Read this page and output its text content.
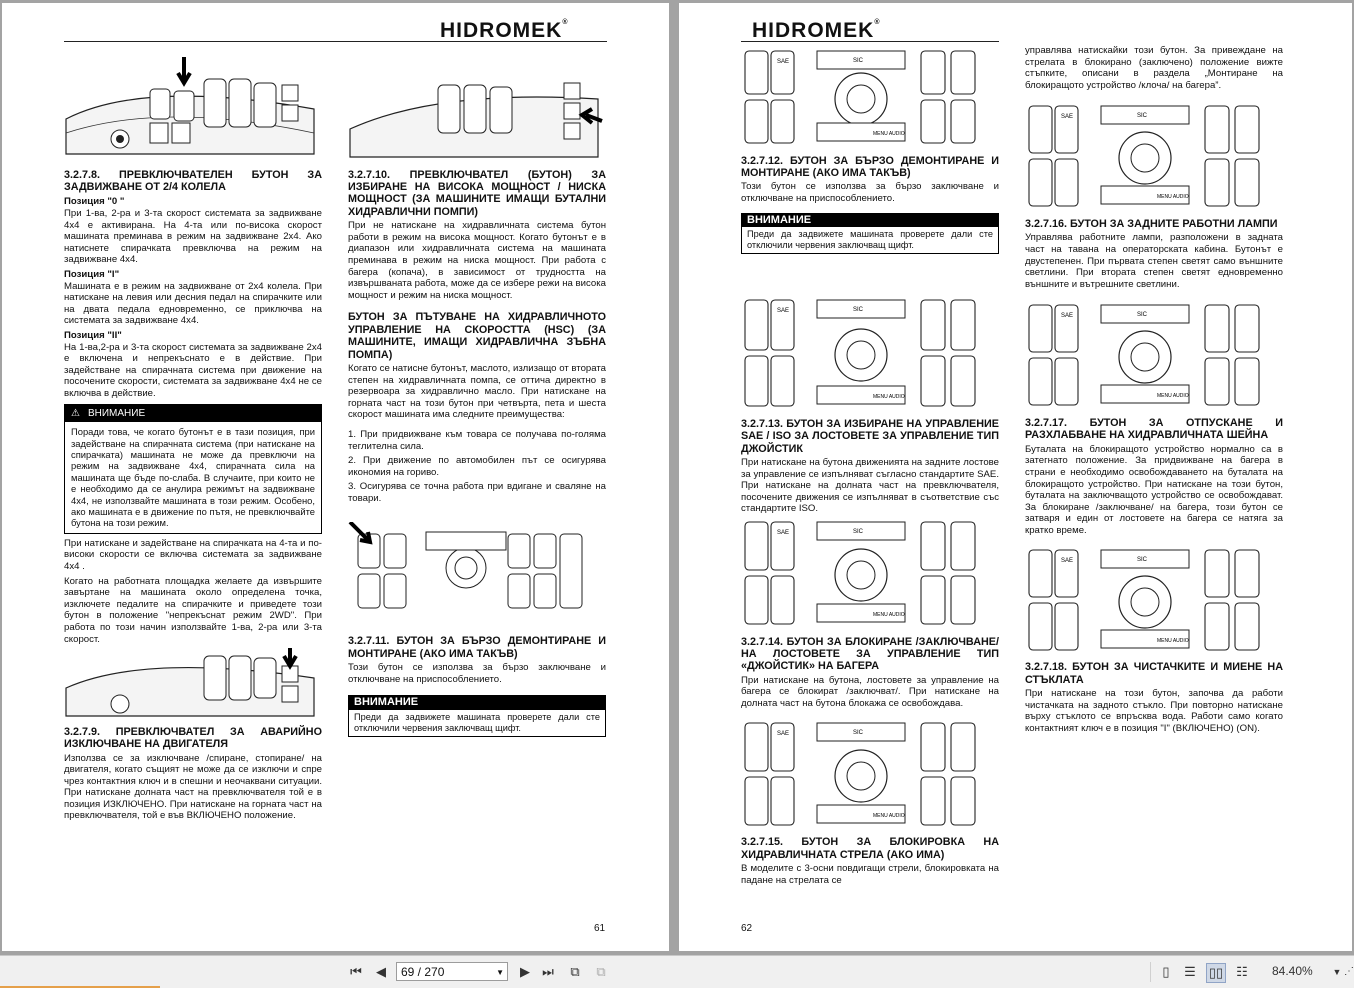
HIDROMEK®
3.2.7.8. ПРЕВКЛЮЧВАТЕЛЕН БУТОН ЗА ЗАДВИЖВАНЕ ОТ 2/4 КОЛЕЛА
Позиция "0 "

При 1-ва, 2-ра и 3-та скорост системата за задвижване 4x4 е активирана. На 4-та или по-високa скорост машината преминава в режим на задвижване 2x4. Ако натиснете спирачката превключва на режим на задвижване 4x4.

Позиция "I"

Машината е в режим на задвижване от 2x4 колела. При натискане на левия или десния педал на спирачките или на двата педала едновременно, се приключва на системата за задвижване 4x4.

Позиция "II"

На 1-ва,2-ра и 3-та скорост системата за задвижване 2x4 е включена и непрекъснато е в действие. При задействане на спирачната система при движение на посочените скорости, системата за задвижване 4x4 не се включва в действие.

⚠ ВНИМАНИЕ
Поради това, че когато бутонът е в тази позиция, при задействане на спирачната система (при натискане на спирачката) машината не може да превключи на режим на задвижване 4x4, спирачната сила на машината ще бъде по-слаба. В случаите, при които не е необходимо да се анулира режимът на задвижване 4x4, не използвайте машината в този режим. Особено, ако машината е в движение по пътя, не превключвайте бутона на този режим.

При натискане и задействане на спирачката на 4-та и по-високи скорости се включва системата за задвижване 4x4 .

Когато на работната площадка желаете да извършите завъртане на машината около определена точка, изключете педалите на спирачките и приведете този бутон в положение "непрекъснат режим 2WD". При работа по този начин използвайте 1-ва, 2-ра или 3-та скорост.

3.2.7.9. ПРЕВКЛЮЧВАТЕЛ ЗА АВАРИЙНО ИЗКЛЮЧВАНЕ НА ДВИГАТЕЛЯ

Използва се за изключване /спиране, стопиране/ на двигателя, когато същият не може да се изключи и спре чрез контактния ключ и в спешни и неочаквани ситуации. При натискане долната част на превключвателя той е в позиция ИЗКЛЮЧЕНО. При натискане на горната част на превключвателя, той е във ВКЛЮЧЕНО положение.

3.2.7.10. ПРЕВКЛЮЧВАТЕЛ (БУТОН) ЗА ИЗБИРАНЕ НА ВИСОКА МОЩНОСТ / НИСКА МОЩНОСТ (ЗА МАШИНИТЕ ИМАЩИ БУТАЛНИ ХИДРАВЛИЧНИ ПОМПИ)

При не натискане на хидравличната система бутон работи в режим на висока мощност. Когато бутонът е в диапазон или хидравличната система на машината преминава в режим на ниска мощност. При работа с багера (копача), в зависимост от трудността на извършваната работа, може да се избере режи на висока мощност и режим на ниска мощност.

БУТОН ЗА ПЪТУВАНЕ НА ХИДРАВЛИЧНОТО УПРАВЛЕНИЕ НА СКОРОСТТА (HSC) (ЗА МАШИНИТЕ, ИМАЩИ ХИДРАВЛИЧНА ЗЪБНА ПОМПА)

Когато се натисне бутонът, маслото, излизащо от втората степен на хидравличната помпа, се оттича директно в резервоара за хидравлично масло. При натискане на горната част на този бутон при четвърта, пета и шеста скорост машината има следните преимущества:

1. При придвижване към товара се получава по-голяма теглителна сила.

2. При движение по автомобилен път се осигурява икономия на гориво.

3. Осигурява се точна работа при вдигане и сваляне на товари.

3.2.7.11. БУТОН ЗА БЪРЗО ДЕМОНТИРАНЕ И МОНТИРАНЕ (АКО ИМА ТАКЪВ)

Този бутон се използва за бързо заключване и отключване на приспособлението.

ВНИМАНИЕ
Преди да задвижете машината проверете дали сте отключили червения заключващ щифт.
61
HIDROMEK®
SAE	SIC
MENU AUDIO
3.2.7.12. БУТОН ЗА БЪРЗО ДЕМОНТИРАНЕ И МОНТИРАНЕ (АКО ИМА ТАКЪВ)

Този бутон се използва за бързо заключване и отключване на приспособлението.

ВНИМАНИЕ
Преди да задвижете машината проверете дали сте отключили червения заключващ щифт.
SAE	SIC
MENU AUDIO
3.2.7.13. БУТОН ЗА ИЗБИРАНЕ НА УПРАВЛЕНИЕ SAE / ISO ЗА ЛОСТОВЕТЕ ЗА УПРАВЛЕНИЕ ТИП ДЖОЙСТИК

При натискане на бутона движенията на задните лостове за управление се изпълняват съгласно стандартите SAE. При натискане на долната част на превключвателя, посочените движения се изпълняват в съответствие със стандартите ISO.

SAE	SIC
MENU AUDIO
3.2.7.14. БУТОН ЗА БЛОКИРАНЕ /ЗАКЛЮЧВАНЕ/ НА ЛОСТОВЕТЕ ЗА УПРАВЛЕНИЕ ТИП «ДЖОЙСТИК» НА БАГЕРА

При натискане на бутона, лостовете за управление на багера се блокират /заключват/. При натискане на долната част на бутона блокажа се освобождава.

SAE	SIC
MENU AUDIO
3.2.7.15. БУТОН ЗА БЛОКИРОВКА НА ХИДРАВЛИЧНАТА СТРЕЛА (АКО ИМА)

В моделите с 3-осни повдигащи стрели, блокировката на падане на стрелата се

управлява натискайки този бутон. За привеждане на стрелата в блокирано (заключено) положение вижте стъпките, описани в раздела „Монтиране на блокиращото устройство /клоча/ на багера”.

SAE	SIC
MENU AUDIO
3.2.7.16. БУТОН ЗА ЗАДНИТЕ РАБОТНИ ЛАМПИ

Управлява работните лампи, разположени в задната част на тавана на операторската кабина. Бутонът е двустепенен. При първата степен светят само външните светлини. При втората степен светят едновременно външните и вътрешните светлини.

SAE	SIC
MENU AUDIO
3.2.7.17. БУТОН ЗА ОТПУСКАНЕ И РАЗХЛАБВАНЕ НА ХИДРАВЛИЧНАТА ШЕЙНА

Буталата на блокиращото устройство нормално са в затегнато положение. За придвижване на багера в страни е необходимо освобождаването на буталата на блокиращото устройство. При натискане на този бутон, буталата на заключващото устройство се освобождават. За блокиране /заключване/ на багера, този бутон се затваря и един от лостовете на багера се натяга за кратко време.

SAE	SIC
MENU AUDIO
3.2.7.18. БУТОН ЗА ЧИСТАЧКИТЕ И МИЕНЕ НА СТЪКЛАТА

При натискане на този бутон, започва да работи чистачката на задното стъкло. При повторно натискане върху стъклото се впръсква вода. Работи само когато контактният ключ е в позиция "I" (ВКЛЮЧЕНО) (ON).

62
⏮	◀	69 / 270	▼	▶ ⏭	⧉	⧉	▯	☰ ▯▯ ☷ 84.40%	▼ ⋰
